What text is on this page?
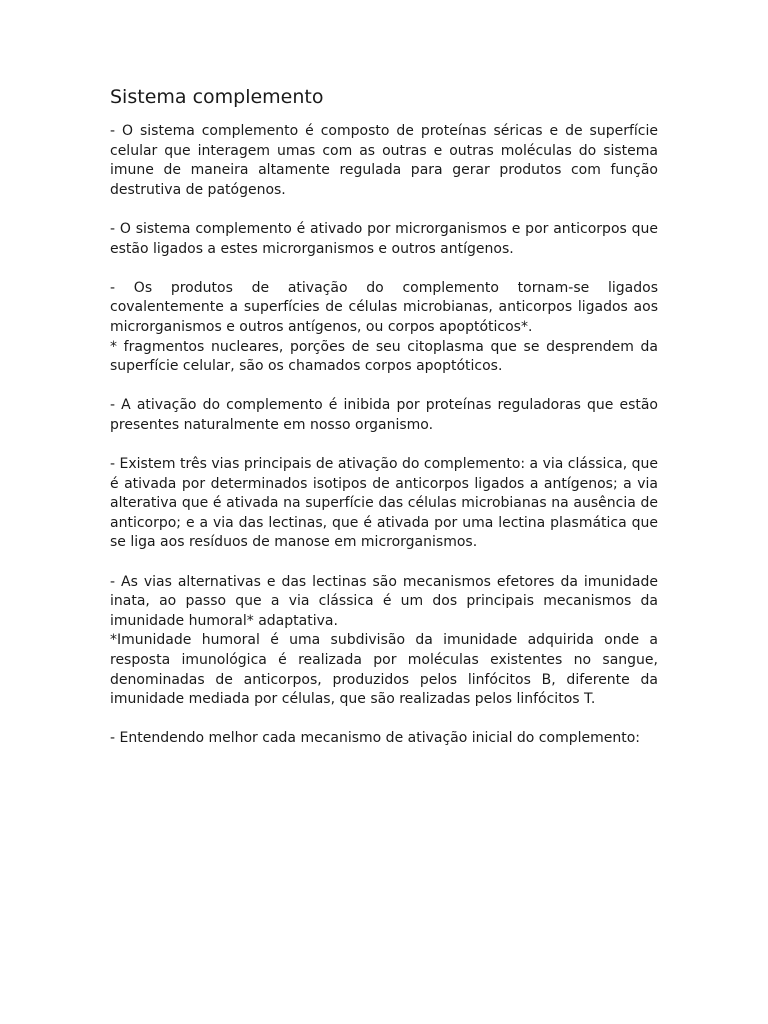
Sistema complemento

- O sistema complemento é composto de proteínas séricas e de superfície celular que interagem umas com as outras e outras moléculas do sistema imune de maneira altamente regulada para gerar produtos com função destrutiva de patógenos.

- O sistema complemento é ativado por microrganismos e por anticorpos que estão ligados a estes microrganismos e outros antígenos.

- Os produtos de ativação do complemento tornam-se ligados covalentemente a superfícies de células microbianas, anticorpos ligados aos microrganismos e outros antígenos, ou corpos apoptóticos*.
* fragmentos nucleares, porções de seu citoplasma que se desprendem da superfície celular, são os chamados corpos apoptóticos.

- A ativação do complemento é inibida por proteínas reguladoras que estão presentes naturalmente em nosso organismo.

- Existem três vias principais de ativação do complemento: a via clássica, que é ativada por determinados isotipos de anticorpos ligados a antígenos; a via alterativa que é ativada na superfície das células microbianas na ausência de anticorpo; e a via das lectinas, que é ativada por uma lectina plasmática que se liga aos resíduos de manose em microrganismos.

- As vias alternativas e das lectinas são mecanismos efetores da imunidade inata, ao passo que a via clássica é um dos principais mecanismos da imunidade humoral* adaptativa.
*Imunidade humoral é uma subdivisão da imunidade adquirida onde a resposta imunológica é realizada por moléculas existentes no sangue, denominadas de anticorpos, produzidos pelos linfócitos B, diferente da imunidade mediada por células, que são realizadas pelos linfócitos T.

- Entendendo melhor cada mecanismo de ativação inicial do complemento:
